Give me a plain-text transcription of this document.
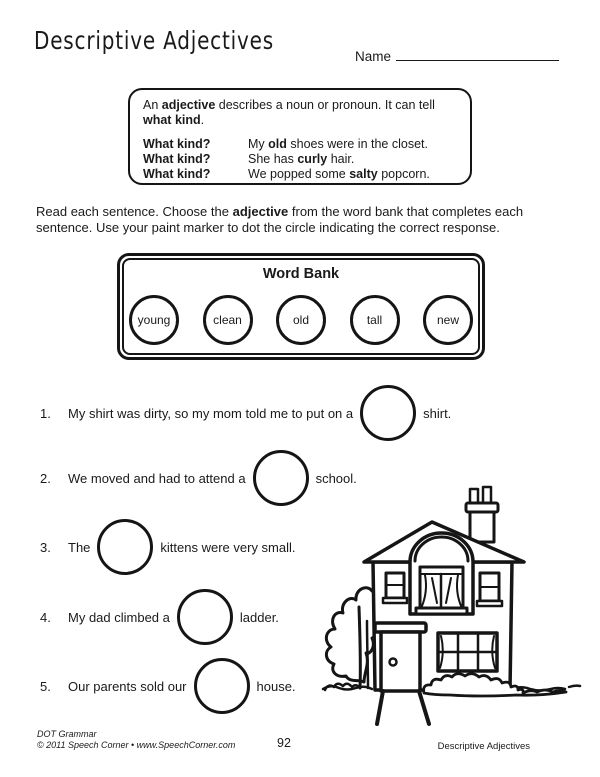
Descriptive Adjectives
Name

An adjective describes a noun or pronoun. It can tell
what kind.

What kind?	My old shoes were in the closet.
What kind?	She has curly hair.
What kind?	We popped some salty popcorn.
Read each sentence. Choose the adjective from the word bank that completes each sentence. Use your paint marker to dot the circle indicating the correct response.
Word Bank
young	clean	old	tall	new
1.	My shirt was dirty, so my mom told me to put on a	shirt.
2.	We moved and had to attend a	school.
3.	The	kittens were very small.
4.	My dad climbed a	ladder.
5.	Our parents sold our	house.
DOT Grammar
© 2011 Speech Corner • www.SpeechCorner.com	92	Descriptive Adjectives
